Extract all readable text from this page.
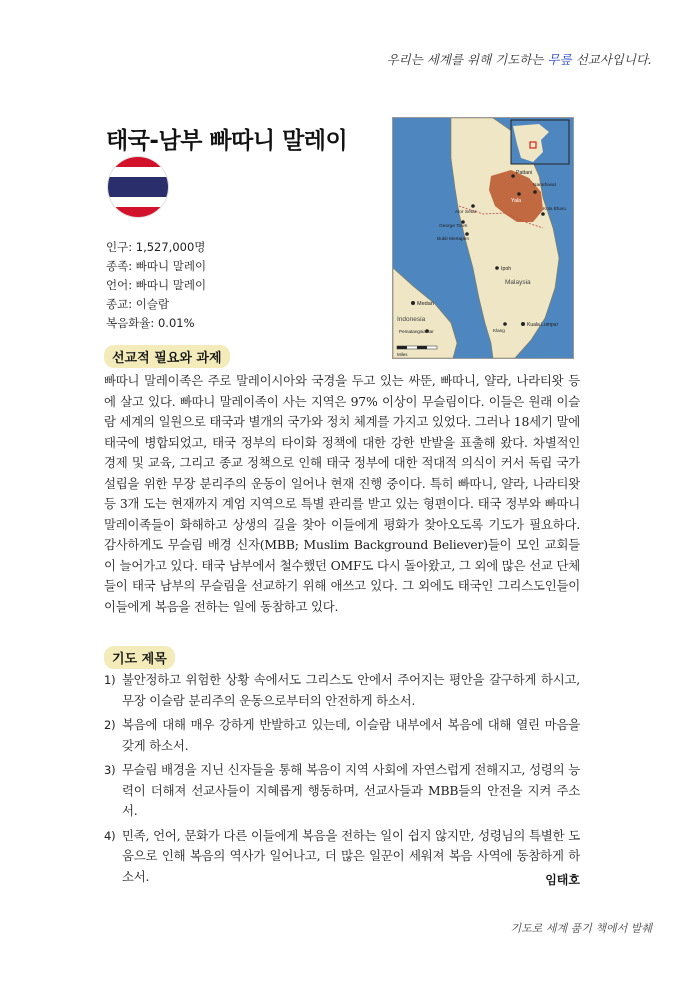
우리는 세계를 위해 기도하는 무릎 선교사입니다.
태국-남부 빠따니 말레이
인구: 1,527,000명
종족: 빠따니 말레이
언어: 빠따니 말레이
종교: 이슬람
복음화율: 0.01%
Pattani
Yala
Narathiwat
Kota Bharu
Alor Setar
George Town
Bukit Mertajam
Ipoh
Malaysia
Medan
Indonesia
Pematangsiantar
Kuala Lumpur
Klang
Miles
선교적 필요와 과제

빠따니 말레이족은 주로 말레이시아와 국경을 두고 있는 싸뚠, 빠따니, 얄라, 나라티왓 등에 살고 있다. 빠따니 말레이족이 사는 지역은 97% 이상이 무슬림이다. 이들은 원래 이슬람 세계의 일원으로 태국과 별개의 국가와 정치 체계를 가지고 있었다. 그러나 18세기 말에 태국에 병합되었고, 태국 정부의 타이화 정책에 대한 강한 반발을 표출해 왔다. 차별적인 경제 및 교육, 그리고 종교 정책으로 인해 태국 정부에 대한 적대적 의식이 커서 독립 국가 설립을 위한 무장 분리주의 운동이 일어나 현재 진행 중이다. 특히 빠따니, 얄라, 나라티왓 등 3개 도는 현재까지 계엄 지역으로 특별 관리를 받고 있는 형편이다. 태국 정부와 빠따니 말레이족들이 화해하고 상생의 길을 찾아 이들에게 평화가 찾아오도록 기도가 필요하다. 감사하게도 무슬림 배경 신자(MBB; Muslim Background Believer)들이 모인 교회들이 늘어가고 있다. 태국 남부에서 철수했던 OMF도 다시 돌아왔고, 그 외에 많은 선교 단체들이 태국 남부의 무슬림을 선교하기 위해 애쓰고 있다. 그 외에도 태국인 그리스도인들이 이들에게 복음을 전하는 일에 동참하고 있다.

기도 제목
1) 불안정하고 위험한 상황 속에서도 그리스도 안에서 주어지는 평안을 갈구하게 하시고, 무장 이슬람 분리주의 운동으로부터의 안전하게 하소서.
2) 복음에 대해 매우 강하게 반발하고 있는데, 이슬람 내부에서 복음에 대해 열린 마음을 갖게 하소서.
3) 무슬림 배경을 지닌 신자들을 통해 복음이 지역 사회에 자연스럽게 전해지고, 성령의 능력이 더해져 선교사들이 지혜롭게 행동하며, 선교사들과 MBB들의 안전을 지켜 주소서.
4) 민족, 언어, 문화가 다른 이들에게 복음을 전하는 일이 쉽지 않지만, 성령님의 특별한 도움으로 인해 복음의 역사가 일어나고, 더 많은 일꾼이 세워져 복음 사역에 동참하게 하소서.	임태호
기도로 세계 품기 책에서 발췌
